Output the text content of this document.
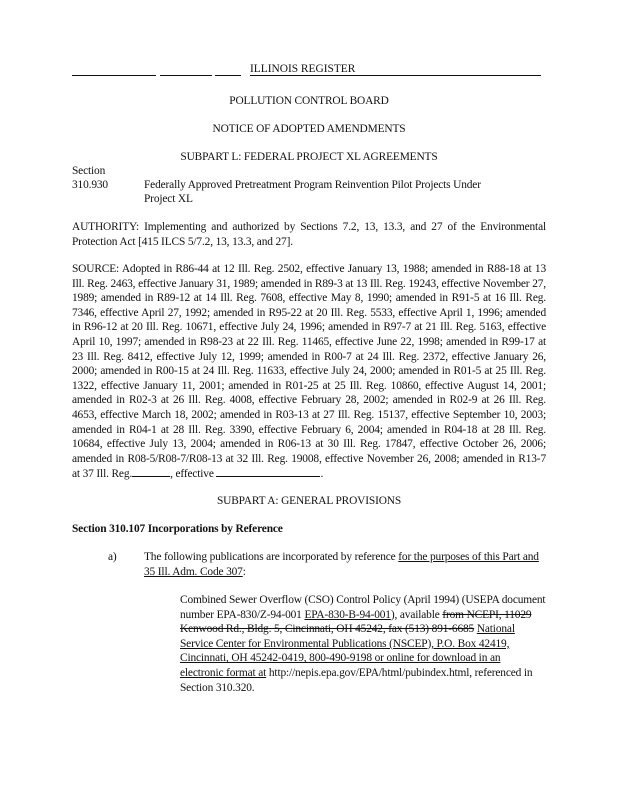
ILLINOIS REGISTER

POLLUTION CONTROL BOARD

NOTICE OF ADOPTED AMENDMENTS

SUBPART L: FEDERAL PROJECT XL AGREEMENTS

Section

310.930	Federally Approved Pretreatment Program Reinvention Pilot Projects Under

Project XL

AUTHORITY: Implementing and authorized by Sections 7.2, 13, 13.3, and 27 of the Environmental Protection Act [415 ILCS 5/7.2, 13, 13.3, and 27].

SOURCE: Adopted in R86-44 at 12 Ill. Reg. 2502, effective January 13, 1988; amended in R88-18 at 13 Ill. Reg. 2463, effective January 31, 1989; amended in R89-3 at 13 Ill. Reg. 19243, effective November 27, 1989; amended in R89-12 at 14 Ill. Reg. 7608, effective May 8, 1990; amended in R91-5 at 16 Ill. Reg. 7346, effective April 27, 1992; amended in R95-22 at 20 Ill. Reg. 5533, effective April 1, 1996; amended in R96-12 at 20 Ill. Reg. 10671, effective July 24, 1996; amended in R97-7 at 21 Ill. Reg. 5163, effective April 10, 1997; amended in R98-23 at 22 Ill. Reg. 11465, effective June 22, 1998; amended in R99-17 at 23 Ill. Reg. 8412, effective July 12, 1999; amended in R00-7 at 24 Ill. Reg. 2372, effective January 26, 2000; amended in R00-15 at 24 Ill. Reg. 11633, effective July 24, 2000; amended in R01-5 at 25 Ill. Reg. 1322, effective January 11, 2001; amended in R01-25 at 25 Ill. Reg. 10860, effective August 14, 2001; amended in R02-3 at 26 Ill. Reg. 4008, effective February 28, 2002; amended in R02-9 at 26 Ill. Reg. 4653, effective March 18, 2002; amended in R03-13 at 27 Ill. Reg. 15137, effective September 10, 2003; amended in R04-1 at 28 Ill. Reg. 3390, effective February 6, 2004; amended in R04-18 at 28 Ill. Reg. 10684, effective July 13, 2004; amended in R06-13 at 30 Ill. Reg. 17847, effective October 26, 2006; amended in R08-5/R08-7/R08-13 at 32 Ill. Reg. 19008, effective November 26, 2008; amended in R13-7 at 37 Ill. Reg.	, effective	.

SUBPART A: GENERAL PROVISIONS

Section 310.107 Incorporations by Reference

a) The following publications are incorporated by reference for the purposes of this Part and 35 Ill. Adm. Code 307:

Combined Sewer Overflow (CSO) Control Policy (April 1994) (USEPA document number EPA-830/Z-94-001 EPA-830-B-94-001), available from NCEPI, 11029 Kenwood Rd., Bldg. 5, Cincinnati, OH 45242, fax (513) 891-6685 National Service Center for Environmental Publications (NSCEP), P.O. Box 42419, Cincinnati, OH 45242-0419, 800-490-9198 or online for download in an electronic format at http://nepis.epa.gov/EPA/html/pubindex.html, referenced in Section 310.320.
